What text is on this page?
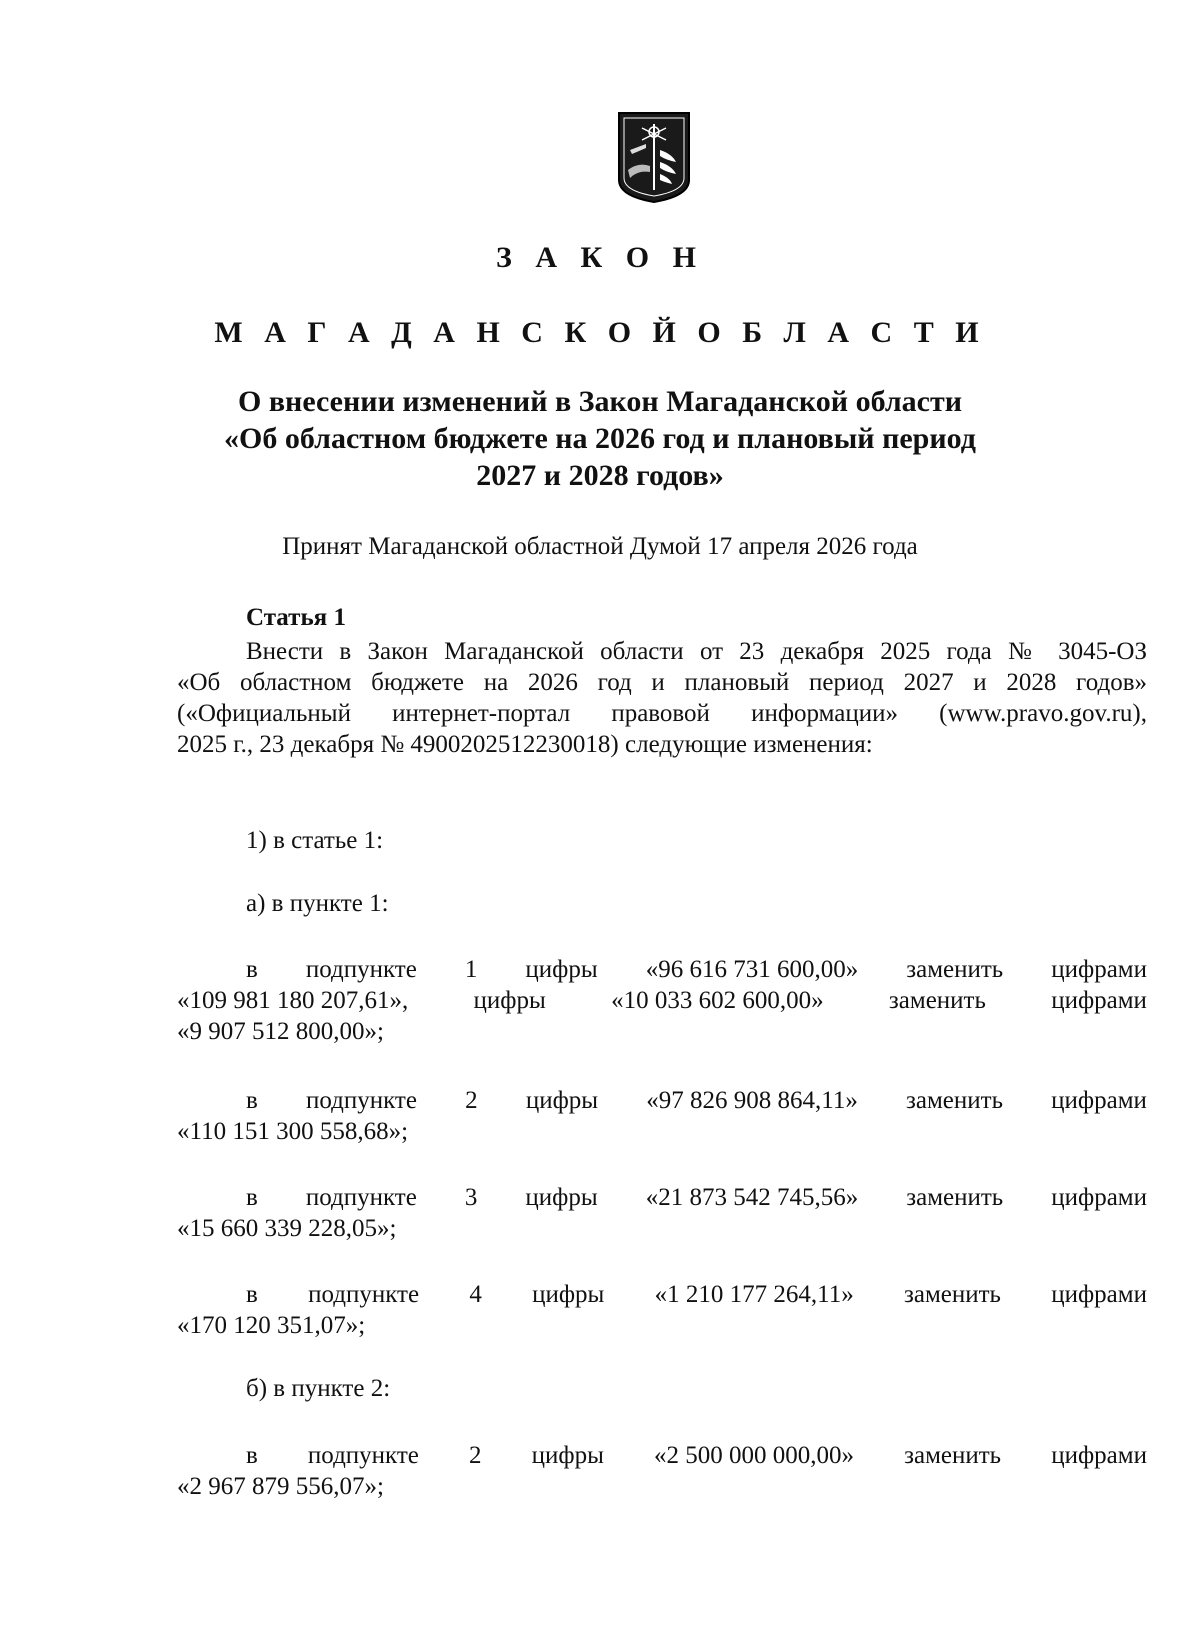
З А К О Н
М А Г А Д А Н С К О Й О Б Л А С Т И
О внесении изменений в Закон Магаданской области
«Об областном бюджете на 2026 год и плановый период
2027 и 2028 годов»
Принят Магаданской областной Думой 17 апреля 2026 года
Статья 1
Внести в Закон Магаданской области от 23 декабря 2025 года № 3045-ОЗ
«Об областном бюджете на 2026 год и плановый период 2027 и 2028 годов»
(«Официальный интернет-портал правовой информации» (www.pravo.gov.ru),
2025 г., 23 декабря № 4900202512230018) следующие изменения:
1) в статье 1:
а) в пункте 1:
в подпункте 1 цифры «96 616 731 600,00» заменить цифрами
«109 981 180 207,61»,	цифры	«10 033 602 600,00»	заменить	цифрами
«9 907 512 800,00»;
в подпункте 2 цифры «97 826 908 864,11» заменить цифрами
«110 151 300 558,68»;
в подпункте 3 цифры «21 873 542 745,56» заменить цифрами
«15 660 339 228,05»;
в подпункте 4 цифры «1 210 177 264,11» заменить цифрами
«170 120 351,07»;
б) в пункте 2:
в подпункте 2 цифры «2 500 000 000,00» заменить цифрами
«2 967 879 556,07»;
